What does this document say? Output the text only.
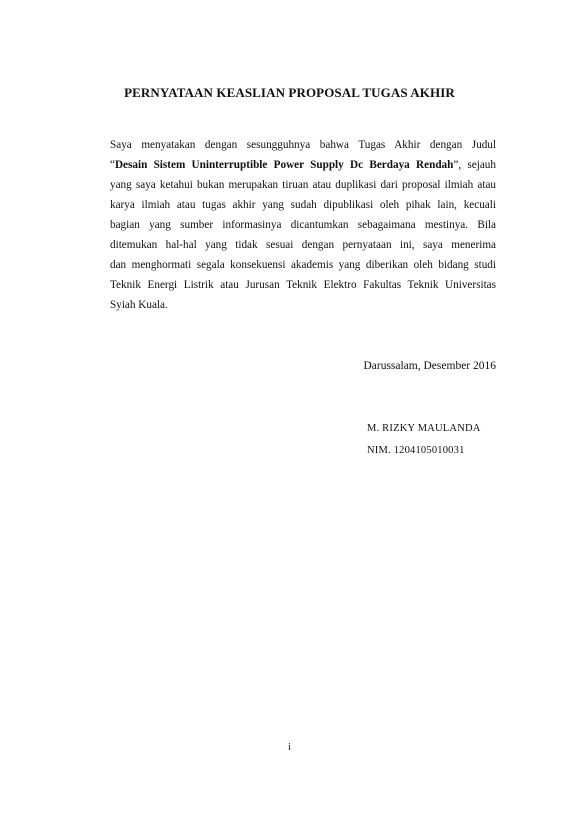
PERNYATAAN KEASLIAN PROPOSAL TUGAS AKHIR
Saya menyatakan dengan sesungguhnya bahwa Tugas Akhir dengan Judul
“Desain Sistem Uninterruptible Power Supply Dc Berdaya Rendah”, sejauh
yang saya ketahui bukan merupakan tiruan atau duplikasi dari proposal ilmiah atau
karya ilmiah atau tugas akhir yang sudah dipublikasi oleh pihak lain, kecuali
bagian yang sumber informasinya dicantumkan sebagaimana mestinya. Bila
ditemukan hal-hal yang tidak sesuai dengan pernyataan ini, saya menerima
dan menghormati segala konsekuensi akademis yang diberikan oleh bidang studi
Teknik Energi Listrik atau Jurusan Teknik Elektro Fakultas Teknik Universitas
Syiah Kuala.
Darussalam, Desember 2016
M. RIZKY MAULANDA
NIM. 1204105010031
i
